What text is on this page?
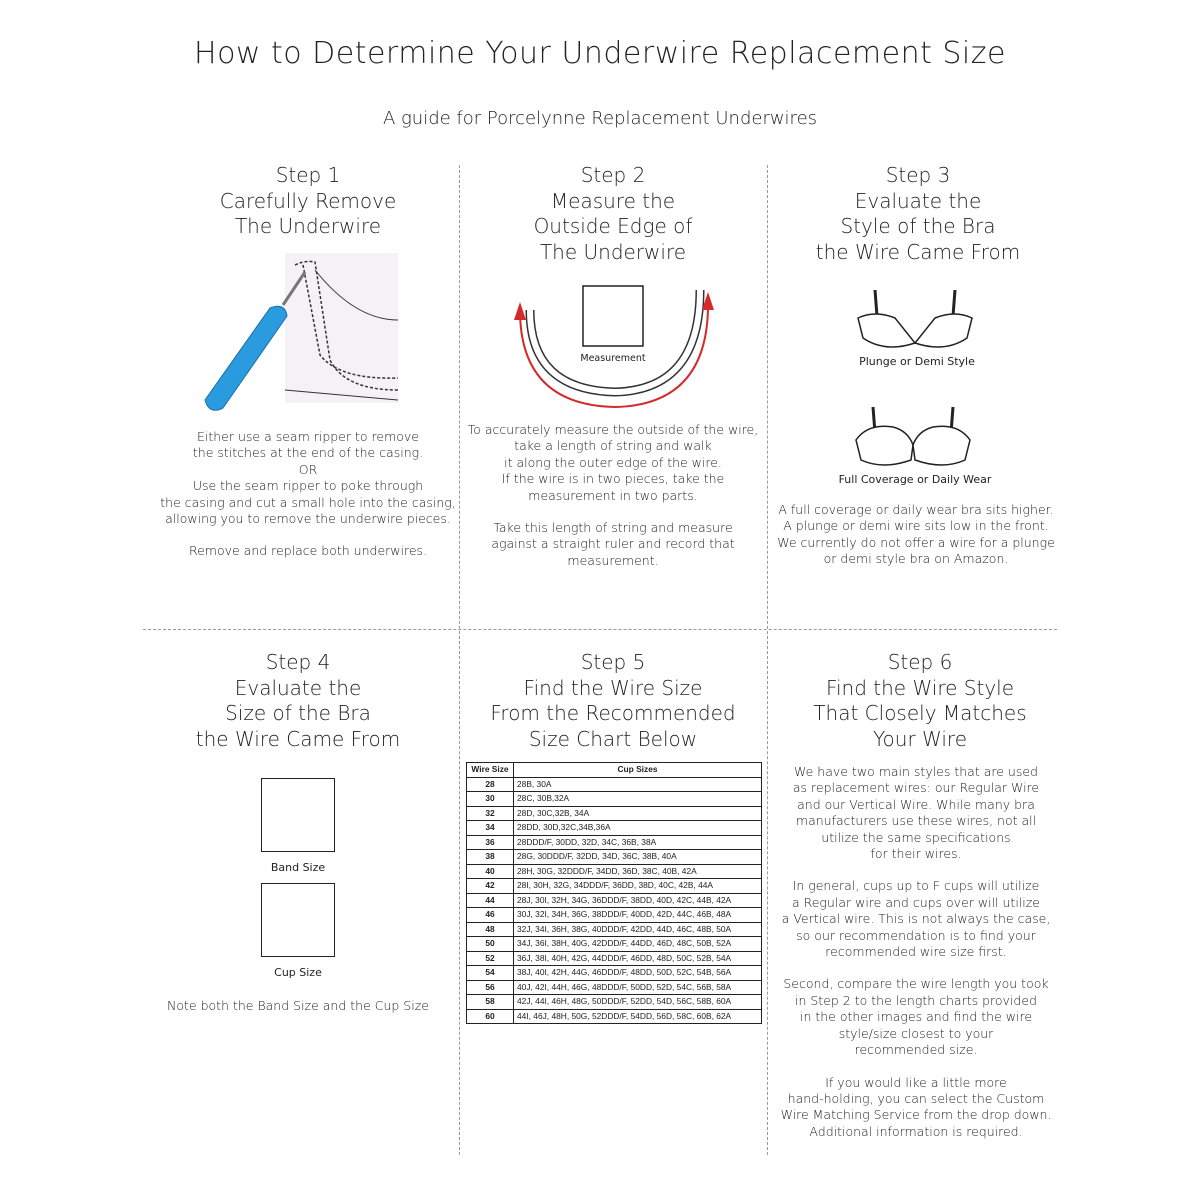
How to Determine Your Underwire Replacement Size
A guide for Porcelynne Replacement Underwires
Step 1
Carefully Remove
The Underwire

Either use a seam ripper to remove
the stitches at the end of the casing.
OR
Use the seam ripper to poke through
the casing and cut a small hole into the casing,
allowing you to remove the underwire pieces.

Remove and replace both underwires.

Step 2
Measure the
Outside Edge of
The Underwire
Measurement

To accurately measure the outside of the wire,
take a length of string and walk
it along the outer edge of the wire.
If the wire is in two pieces, take the
measurement in two parts.

Take this length of string and measure
against a straight ruler and record that
measurement.

Step 3
Evaluate the
Style of the Bra
the Wire Came From
Plunge or Demi Style
Full Coverage or Daily Wear

A full coverage or daily wear bra sits higher.
A plunge or demi wire sits low in the front.
We currently do not offer a wire for a plunge
or demi style bra on Amazon.

Step 4
Evaluate the
Size of the Bra
the Wire Came From
Band Size
Cup Size
Note both the Band Size and the Cup Size
Step 5
Find the Wire Size
From the Recommended
Size Chart Below
Wire Size	Cup Sizes
28	28B, 30A
30	28C, 30B,32A
32	28D, 30C,32B, 34A
34	28DD, 30D,32C,34B,36A
36	28DDD/F, 30DD, 32D, 34C, 36B, 38A
38	28G, 30DDD/F, 32DD, 34D, 36C, 38B, 40A
40	28H, 30G, 32DDD/F, 34DD, 36D, 38C, 40B, 42A
42	28I, 30H, 32G, 34DDD/F, 36DD, 38D, 40C, 42B, 44A
44	28J, 30I, 32H, 34G, 36DDD/F, 38DD, 40D, 42C, 44B, 42A
46	30J, 32I, 34H, 36G, 38DDD/F, 40DD, 42D, 44C, 46B, 48A
48	32J, 34I, 36H, 38G, 40DDD/F, 42DD, 44D, 46C, 48B, 50A
50	34J, 36I, 38H, 40G, 42DDD/F, 44DD, 46D, 48C, 50B, 52A
52	36J, 38I, 40H, 42G, 44DDD/F, 46DD, 48D, 50C, 52B, 54A
54	38J, 40I, 42H, 44G, 46DDD/F, 48DD, 50D, 52C, 54B, 56A
56	40J, 42I, 44H, 46G, 48DDD/F, 50DD, 52D, 54C, 56B, 58A
58	42J, 44I, 46H, 48G, 50DDD/F, 52DD, 54D, 56C, 58B, 60A
60	44I, 46J, 48H, 50G, 52DDD/F, 54DD, 56D, 58C, 60B, 62A
Step 6
Find the Wire Style
That Closely Matches
Your Wire

We have two main styles that are used
as replacement wires: our Regular Wire
and our Vertical Wire. While many bra
manufacturers use these wires, not all
utilize the same specifications
for their wires.

In general, cups up to F cups will utilize
a Regular wire and cups over will utilize
a Vertical wire. This is not always the case,
so our recommendation is to find your
recommended wire size first.

Second, compare the wire length you took
in Step 2 to the length charts provided
in the other images and find the wire
style/size closest to your
recommended size.

If you would like a little more
hand-holding, you can select the Custom
Wire Matching Service from the drop down.
Additional information is required.
